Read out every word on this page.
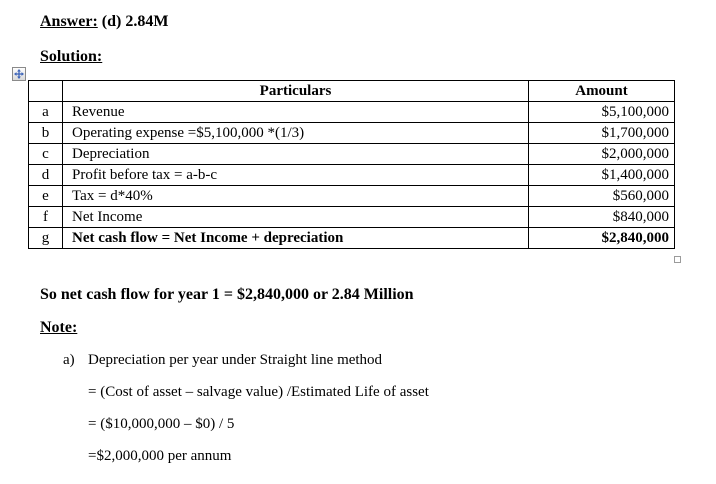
Answer: (d) 2.84M
Solution:
	Particulars	Amount
a	Revenue	$5,100,000
b	Operating expense =$5,100,000 *(1/3)	$1,700,000
c	Depreciation	$2,000,000
d	Profit before tax = a-b-c	$1,400,000
e	Tax = d*40%	$560,000
f	Net Income	$840,000
g	Net cash flow = Net Income + depreciation	$2,840,000
So net cash flow for year 1 = $2,840,000 or 2.84 Million
Note:
a) Depreciation per year under Straight line method
= (Cost of asset – salvage value) /Estimated Life of asset
= ($10,000,000 – $0) / 5
=$2,000,000 per annum
